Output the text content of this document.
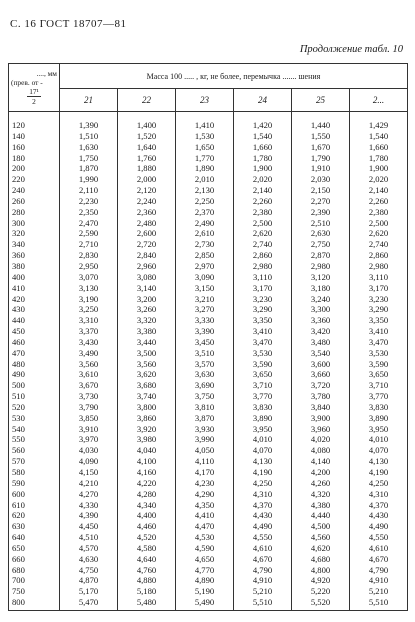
С. 16 ГОСТ 18707—81
Продолжение табл. 10
...., мм
(прев. от -
$\frac{\text{17¹}}{2}$	Масса 100 ..... , кг, не более, перемычка ....... шения					
	21	22	23	24	25	2...
120	1,390	1,400	1,410	1,420	1,440	1,429
140	1,510	1,520	1,530	1,540	1,550	1,540
160	1,630	1,640	1,650	1,660	1,670	1,660
180	1,750	1,760	1,770	1,780	1,790	1,780
200	1,870	1,880	1,890	1,900	1,910	1,900
220	1,990	2,000	2,010	2,020	2,030	2,020
240	2,110	2,120	2,130	2,140	2,150	2,140
260	2,230	2,240	2,250	2,260	2,270	2,260
280	2,350	2,360	2,370	2,380	2,390	2,380
300	2,470	2,480	2,490	2,500	2,510	2,500
320	2,590	2,600	2,610	2,620	2,630	2,620
340	2,710	2,720	2,730	2,740	2,750	2,740
360	2,830	2,840	2,850	2,860	2,870	2,860
380	2,950	2,960	2,970	2,980	2,980	2,980
400	3,070	3,080	3,090	3,110	3,120	3,110
410	3,130	3,140	3,150	3,170	3,180	3,170
420	3,190	3,200	3,210	3,230	3,240	3,230
430	3,250	3,260	3,270	3,290	3,300	3,290
440	3,310	3,320	3,330	3,350	3,360	3,350
450	3,370	3,380	3,390	3,410	3,420	3,410
460	3,430	3,440	3,450	3,470	3,480	3,470
470	3,490	3,500	3,510	3,530	3,540	3,530
480	3,560	3,560	3,570	3,590	3,600	3,590
490	3,610	3,620	3,630	3,650	3,660	3,650
500	3,670	3,680	3,690	3,710	3,720	3,710
510	3,730	3,740	3,750	3,770	3,780	3,770
520	3,790	3,800	3,810	3,830	3,840	3,830
530	3,850	3,860	3,870	3,890	3,900	3,890
540	3,910	3,920	3,930	3,950	3,960	3,950
550	3,970	3,980	3,990	4,010	4,020	4,010
560	4,030	4,040	4,050	4,070	4,080	4,070
570	4,090	4,100	4,110	4,130	4,140	4,130
580	4,150	4,160	4,170	4,190	4,200	4,190
590	4,210	4,220	4,230	4,250	4,260	4,250
600	4,270	4,280	4,290	4,310	4,320	4,310
610	4,330	4,340	4,350	4,370	4,380	4,370
620	4,390	4,400	4,410	4,430	4,440	4,430
630	4,450	4,460	4,470	4,490	4,500	4,490
640	4,510	4,520	4,530	4,550	4,560	4,550
650	4,570	4,580	4,590	4,610	4,620	4,610
660	4,630	4,640	4,650	4,670	4,680	4,670
680	4,750	4,760	4,770	4,790	4,800	4,790
700	4,870	4,880	4,890	4,910	4,920	4,910
750	5,170	5,180	5,190	5,210	5,220	5,210
800	5,470	5,480	5,490	5,510	5,520	5,510
